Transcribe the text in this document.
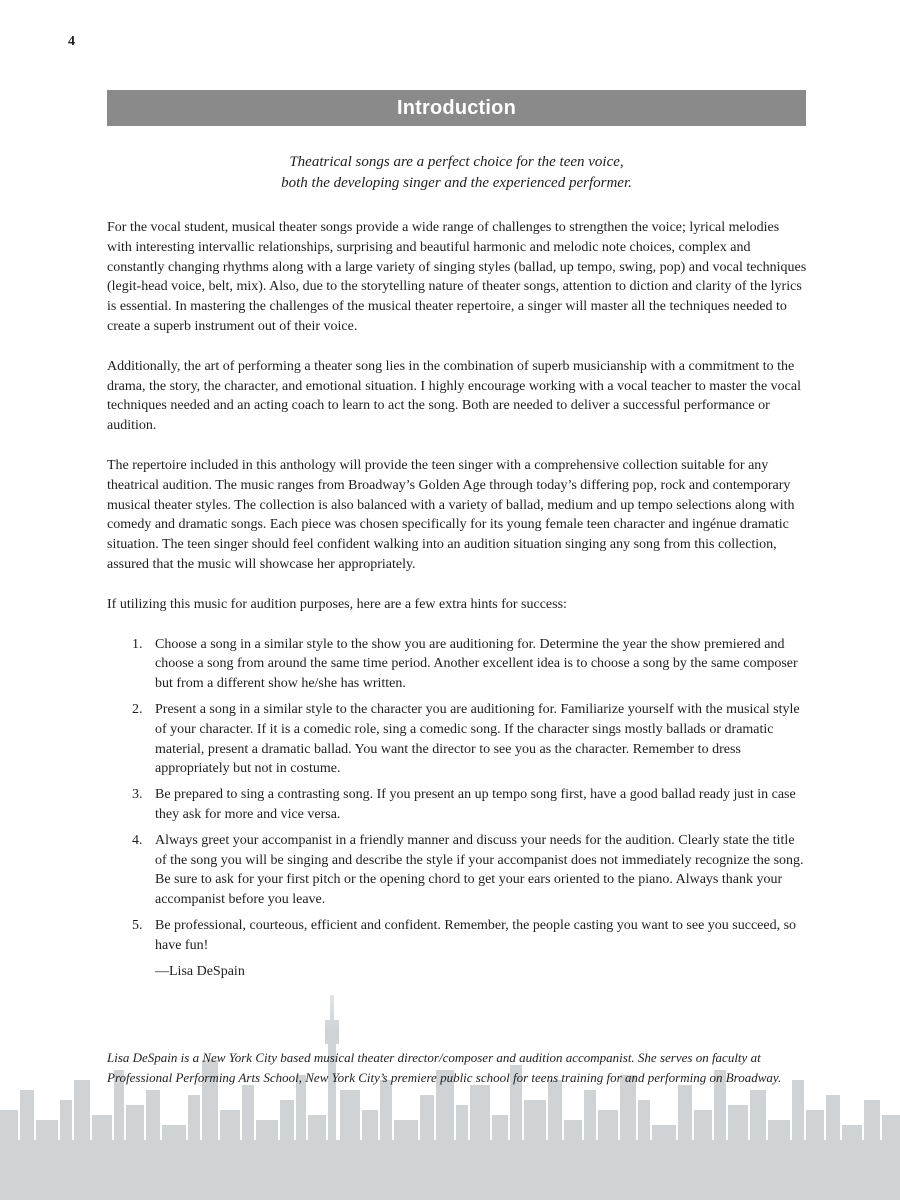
4
Introduction
Theatrical songs are a perfect choice for the teen voice,
both the developing singer and the experienced performer.

For the vocal student, musical theater songs provide a wide range of challenges to strengthen the voice; lyrical melodies with interesting intervallic relationships, surprising and beautiful harmonic and melodic note choices, complex and constantly changing rhythms along with a large variety of singing styles (ballad, up tempo, swing, pop) and vocal techniques (legit-head voice, belt, mix). Also, due to the storytelling nature of theater songs, attention to diction and clarity of the lyrics is essential. In mastering the challenges of the musical theater repertoire, a singer will master all the techniques needed to create a superb instrument out of their voice.

Additionally, the art of performing a theater song lies in the combination of superb musicianship with a commitment to the drama, the story, the character, and emotional situation. I highly encourage working with a vocal teacher to master the vocal techniques needed and an acting coach to learn to act the song. Both are needed to deliver a successful performance or audition.

The repertoire included in this anthology will provide the teen singer with a comprehensive collection suitable for any theatrical audition. The music ranges from Broadway’s Golden Age through today’s differing pop, rock and contemporary musical theater styles. The collection is also balanced with a variety of ballad, medium and up tempo selections along with comedy and dramatic songs. Each piece was chosen specifically for its young female teen character and ingénue dramatic situation. The teen singer should feel confident walking into an audition situation singing any song from this collection, assured that the music will showcase her appropriately.

If utilizing this music for audition purposes, here are a few extra hints for success:

1. Choose a song in a similar style to the show you are auditioning for. Determine the year the show premiered and choose a song from around the same time period. Another excellent idea is to choose a song by the same composer but from a different show he/she has written.
2. Present a song in a similar style to the character you are auditioning for. Familiarize yourself with the musical style of your character. If it is a comedic role, sing a comedic song. If the character sings mostly ballads or dramatic material, present a dramatic ballad. You want the director to see you as the character. Remember to dress appropriately but not in costume.
3. Be prepared to sing a contrasting song. If you present an up tempo song first, have a good ballad ready just in case they ask for more and vice versa.
4. Always greet your accompanist in a friendly manner and discuss your needs for the audition. Clearly state the title of the song you will be singing and describe the style if your accompanist does not immediately recognize the song. Be sure to ask for your first pitch or the opening chord to get your ears oriented to the piano. Always thank your accompanist before you leave.
5. Be professional, courteous, efficient and confident. Remember, the people casting you want to see you succeed, so have fun!
—Lisa DeSpain
Lisa DeSpain is a New York City based musical theater director/composer and audition accompanist. She serves on faculty at Professional Performing Arts School, New York City’s premiere public school for teens training for and performing on Broadway.
